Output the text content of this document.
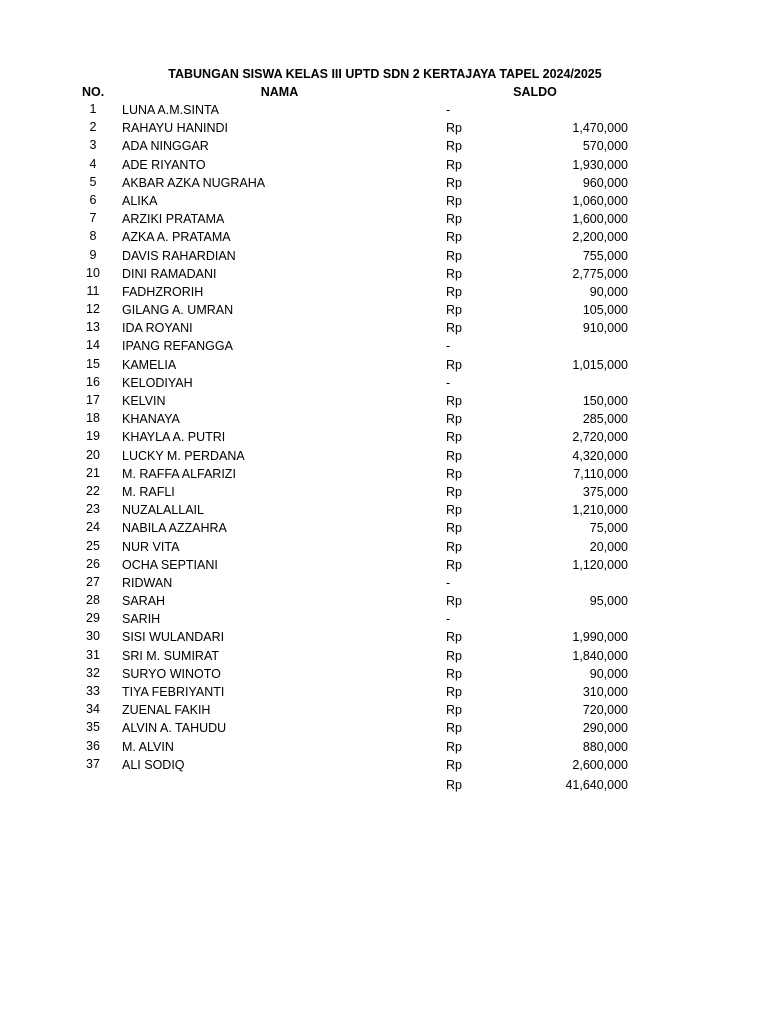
TABUNGAN SISWA KELAS III UPTD SDN 2 KERTAJAYA TAPEL 2024/2025
NO.	NAMA	SALDO
1	LUNA A.M.SINTA	-
2	RAHAYU HANINDI	Rp	1,470,000
3	ADA NINGGAR	Rp	570,000
4	ADE RIYANTO	Rp	1,930,000
5	AKBAR AZKA NUGRAHA	Rp	960,000
6	ALIKA	Rp	1,060,000
7	ARZIKI PRATAMA	Rp	1,600,000
8	AZKA A. PRATAMA	Rp	2,200,000
9	DAVIS RAHARDIAN	Rp	755,000
10	DINI RAMADANI	Rp	2,775,000
11	FADHZRORIH	Rp	90,000
12	GILANG A. UMRAN	Rp	105,000
13	IDA ROYANI	Rp	910,000
14	IPANG REFANGGA	-
15	KAMELIA	Rp	1,015,000
16	KELODIYAH	-
17	KELVIN	Rp	150,000
18	KHANAYA	Rp	285,000
19	KHAYLA A. PUTRI	Rp	2,720,000
20	LUCKY M. PERDANA	Rp	4,320,000
21	M. RAFFA ALFARIZI	Rp	7,110,000
22	M. RAFLI	Rp	375,000
23	NUZALALLAIL	Rp	1,210,000
24	NABILA AZZAHRA	Rp	75,000
25	NUR VITA	Rp	20,000
26	OCHA SEPTIANI	Rp	1,120,000
27	RIDWAN	-
28	SARAH	Rp	95,000
29	SARIH	-
30	SISI WULANDARI	Rp	1,990,000
31	SRI M. SUMIRAT	Rp	1,840,000
32	SURYO WINOTO	Rp	90,000
33	TIYA FEBRIYANTI	Rp	310,000
34	ZUENAL FAKIH	Rp	720,000
35	ALVIN A. TAHUDU	Rp	290,000
36	M. ALVIN	Rp	880,000
37	ALI SODIQ	Rp	2,600,000
Rp	41,640,000
